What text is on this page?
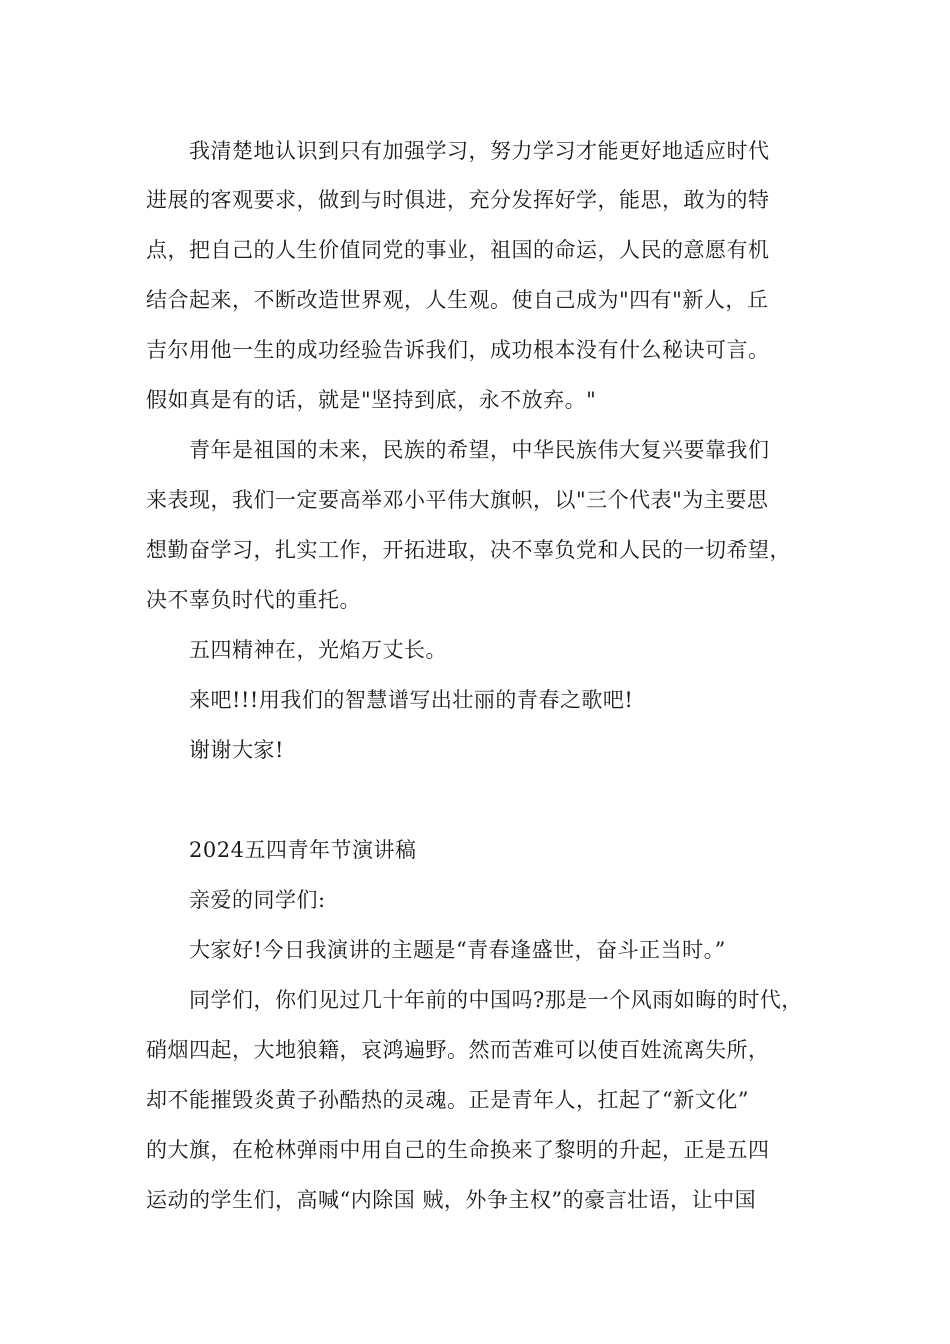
我清楚地认识到只有加强学习，努力学习才能更好地适应时代
进展的客观要求，做到与时俱进，充分发挥好学，能思，敢为的特
点，把自己的人生价值同党的事业，祖国的命运，人民的意愿有机
结合起来，不断改造世界观，人生观。使自己成为"四有"新人，丘
吉尔用他一生的成功经验告诉我们，成功根本没有什么秘诀可言。
假如真是有的话，就是"坚持到底，永不放弃。"
青年是祖国的未来，民族的希望，中华民族伟大复兴要靠我们
来表现，我们一定要高举邓小平伟大旗帜，以"三个代表"为主要思
想勤奋学习，扎实工作，开拓进取，决不辜负党和人民的一切希望，
决不辜负时代的重托。
五四精神在，光焰万丈长。
来吧!!!用我们的智慧谱写出壮丽的青春之歌吧!
谢谢大家!
2024五四青年节演讲稿
亲爱的同学们:
大家好!今日我演讲的主题是“青春逢盛世，奋斗正当时。”
同学们，你们见过几十年前的中国吗?那是一个风雨如晦的时代，
硝烟四起，大地狼籍，哀鸿遍野。然而苦难可以使百姓流离失所，
却不能摧毁炎黄子孙酷热的灵魂。正是青年人，扛起了“新文化”
的大旗，在枪林弹雨中用自己的生命换来了黎明的升起，正是五四
运动的学生们，高喊“内除国 贼，外争主权”的豪言壮语，让中国
